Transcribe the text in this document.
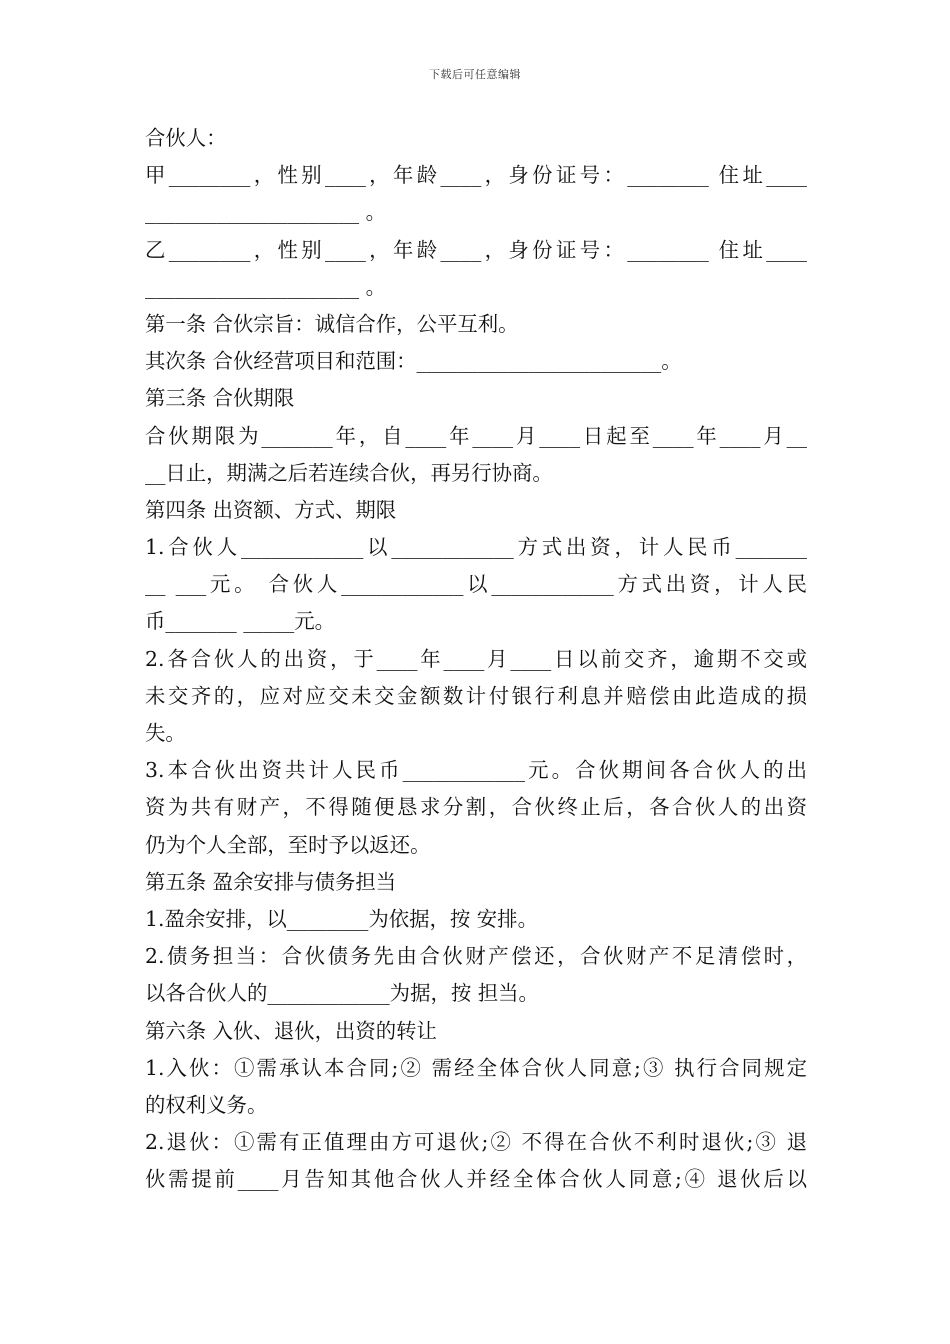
下载后可任意编辑
合伙人：
甲________，性别____，年龄____，身份证号：________ 住址____
_____________________ 。
乙________，性别____，年龄____，身份证号：________ 住址____
_____________________ 。
第一条 合伙宗旨：诚信合作，公平互利。
其次条 合伙经营项目和范围：________________________。
第三条 合伙期限
合伙期限为_______年，自____年____月____日起至____年____月__
__日止，期满之后若连续合伙，再另行协商。
第四条 出资额、方式、期限
1.合伙人____________以____________方式出资，计人民币_______
__ ___元。 合伙人____________以____________方式出资，计人民
币_______ _____元。
2.各合伙人的出资，于____年____月____日以前交齐，逾期不交或
未交齐的，应对应交未交金额数计付银行利息并赔偿由此造成的损
失。
3.本合伙出资共计人民币____________元。合伙期间各合伙人的出
资为共有财产，不得随便恳求分割，合伙终止后，各合伙人的出资
仍为个人全部，至时予以返还。
第五条 盈余安排与债务担当
1.盈余安排，以________为依据，按 安排。
2.债务担当：合伙债务先由合伙财产偿还，合伙财产不足清偿时，
以各合伙人的____________为据，按 担当。
第六条 入伙、退伙，出资的转让
1.入伙：①需承认本合同;② 需经全体合伙人同意;③ 执行合同规定
的权利义务。
2.退伙：①需有正值理由方可退伙;② 不得在合伙不利时退伙;③ 退
伙需提前____月告知其他合伙人并经全体合伙人同意;④ 退伙后以
